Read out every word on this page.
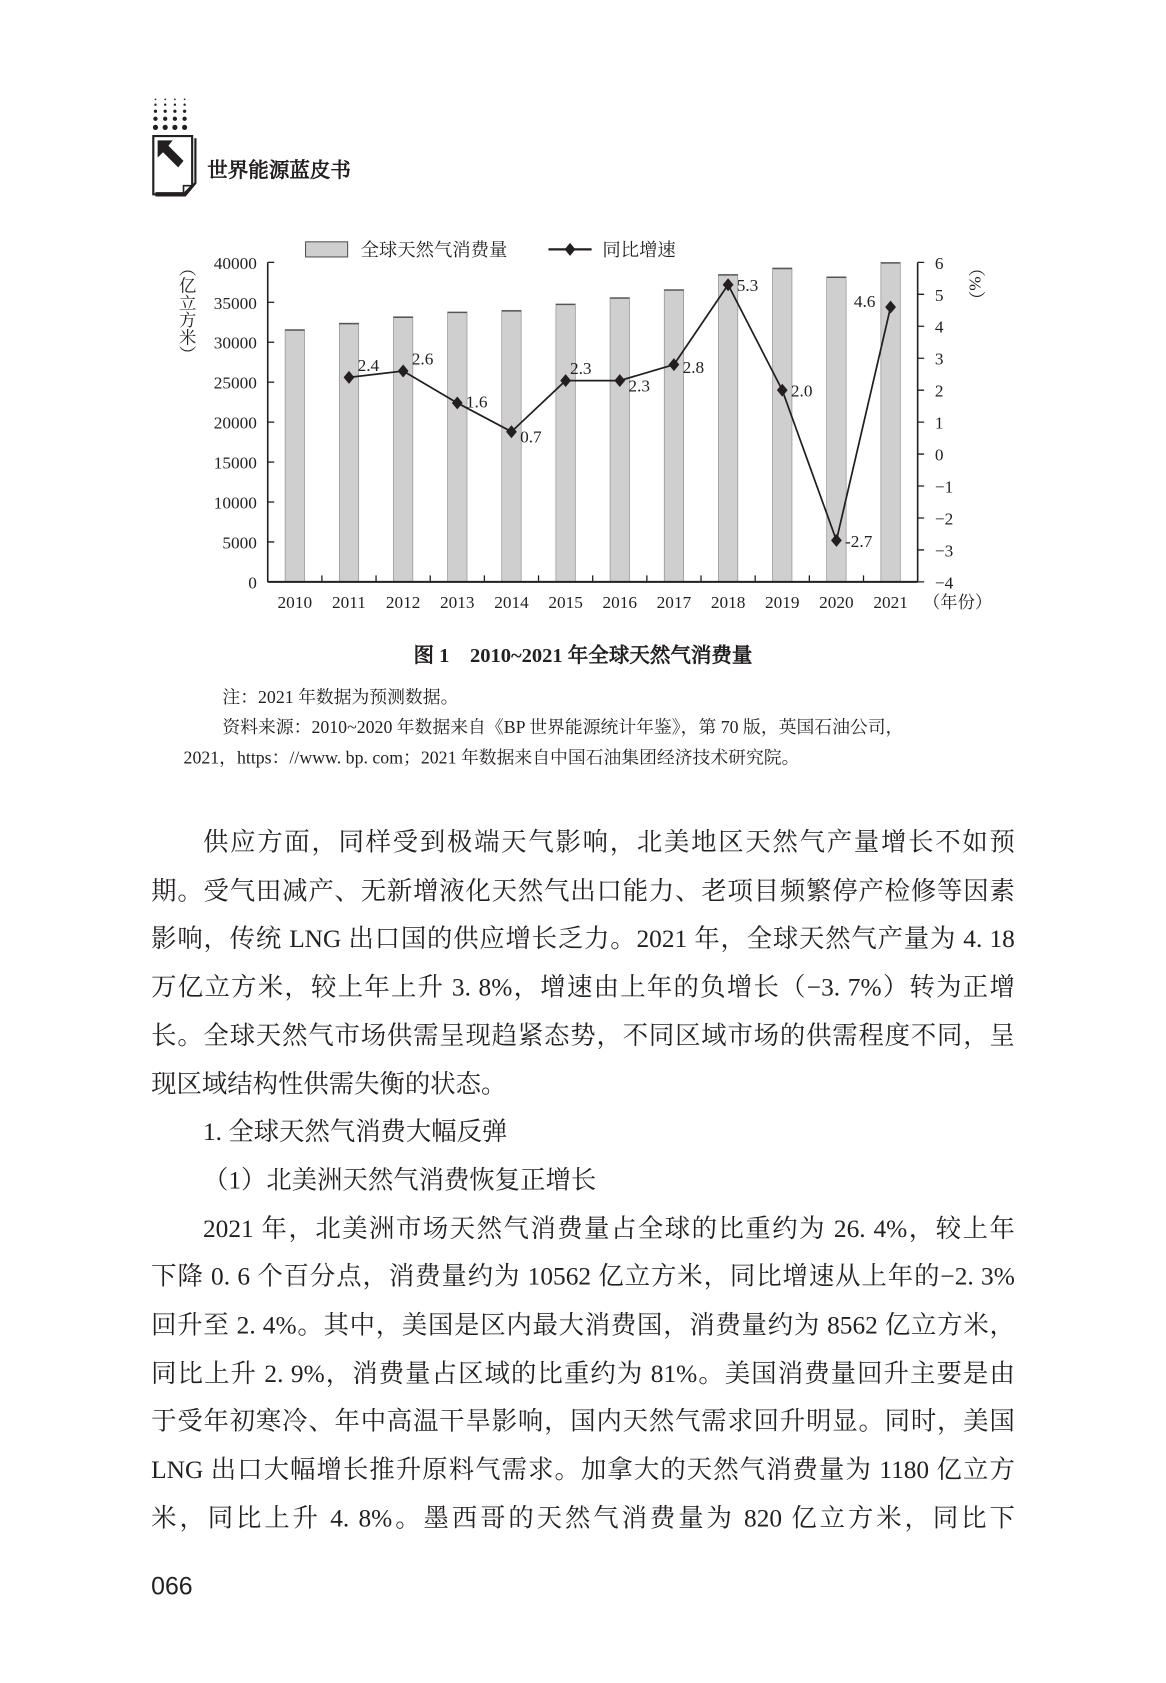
世界能源蓝皮书
0
5000
10000
15000
20000
25000
30000
35000
40000
−4
−3
−2
−1
0
1
2
3
4
5
6
2010 2011 2012 2013 2014 2015 2016 2017 2018 2019 2020 2021 （年份）
（亿立方米）	（%）
2.4 2.6
1.6
0.7
2.3
2.3
2.8
5.3
2.0
-2.7
4.6
全球天然气消费量	同比增速
图 1　2010~2021 年全球天然气消费量
注：2021 年数据为预测数据。
资料来源：2010~2020 年数据来自《BP 世界能源统计年鉴》，第 70 版，英国石油公司，
2021，https：//www. bp. com；2021 年数据来自中国石油集团经济技术研究院。
供应方面，同样受到极端天气影响，北美地区天然气产量增长不如预
期。受气田减产、无新增液化天然气出口能力、老项目频繁停产检修等因素
影响，传统 LNG 出口国的供应增长乏力。2021 年，全球天然气产量为 4. 18
万亿立方米，较上年上升 3. 8%，增速由上年的负增长（−3. 7%）转为正增
长。全球天然气市场供需呈现趋紧态势，不同区域市场的供需程度不同，呈
现区域结构性供需失衡的状态。
1. 全球天然气消费大幅反弹
（1）北美洲天然气消费恢复正增长
2021 年，北美洲市场天然气消费量占全球的比重约为 26. 4%，较上年
下降 0. 6 个百分点，消费量约为 10562 亿立方米，同比增速从上年的−2. 3%
回升至 2. 4%。其中，美国是区内最大消费国，消费量约为 8562 亿立方米，
同比上升 2. 9%，消费量占区域的比重约为 81%。美国消费量回升主要是由
于受年初寒冷、年中高温干旱影响，国内天然气需求回升明显。同时，美国
LNG 出口大幅增长推升原料气需求。加拿大的天然气消费量为 1180 亿立方
米，同比上升 4. 8%。墨西哥的天然气消费量为 820 亿立方米，同比下
066
